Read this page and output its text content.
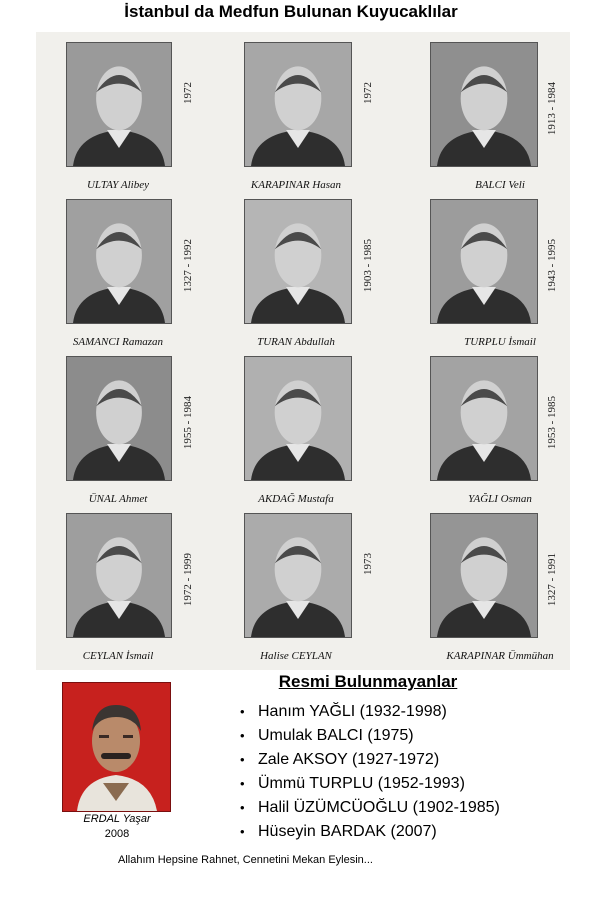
İstanbul da Medfun Bulunan Kuyucaklılar
1972
ULTAY Alibey
1972
KARAPINAR Hasan
1913 - 1984
BALCI Veli
1327 - 1992
SAMANCI Ramazan
1903 - 1985
TURAN Abdullah
1943 - 1995
TURPLU İsmail
1955 - 1984
ÜNAL Ahmet	AKDAĞ Mustafa
1953 - 1985
YAĞLI Osman
1972 - 1999
CEYLAN İsmail
1973
Halise CEYLAN
1327 - 1991
KARAPINAR Ümmühan
ERDAL Yaşar
2008
Resmi Bulunmayanlar
• Hanım YAĞLI (1932-1998)
• Umulak BALCI (1975)
• Zale AKSOY (1927-1972)
• Ümmü TURPLU (1952-1993)
• Halil ÜZÜMCÜOĞLU (1902-1985)
• Hüseyin BARDAK (2007)
Allahım Hepsine Rahnet, Cennetini Mekan Eylesin...
